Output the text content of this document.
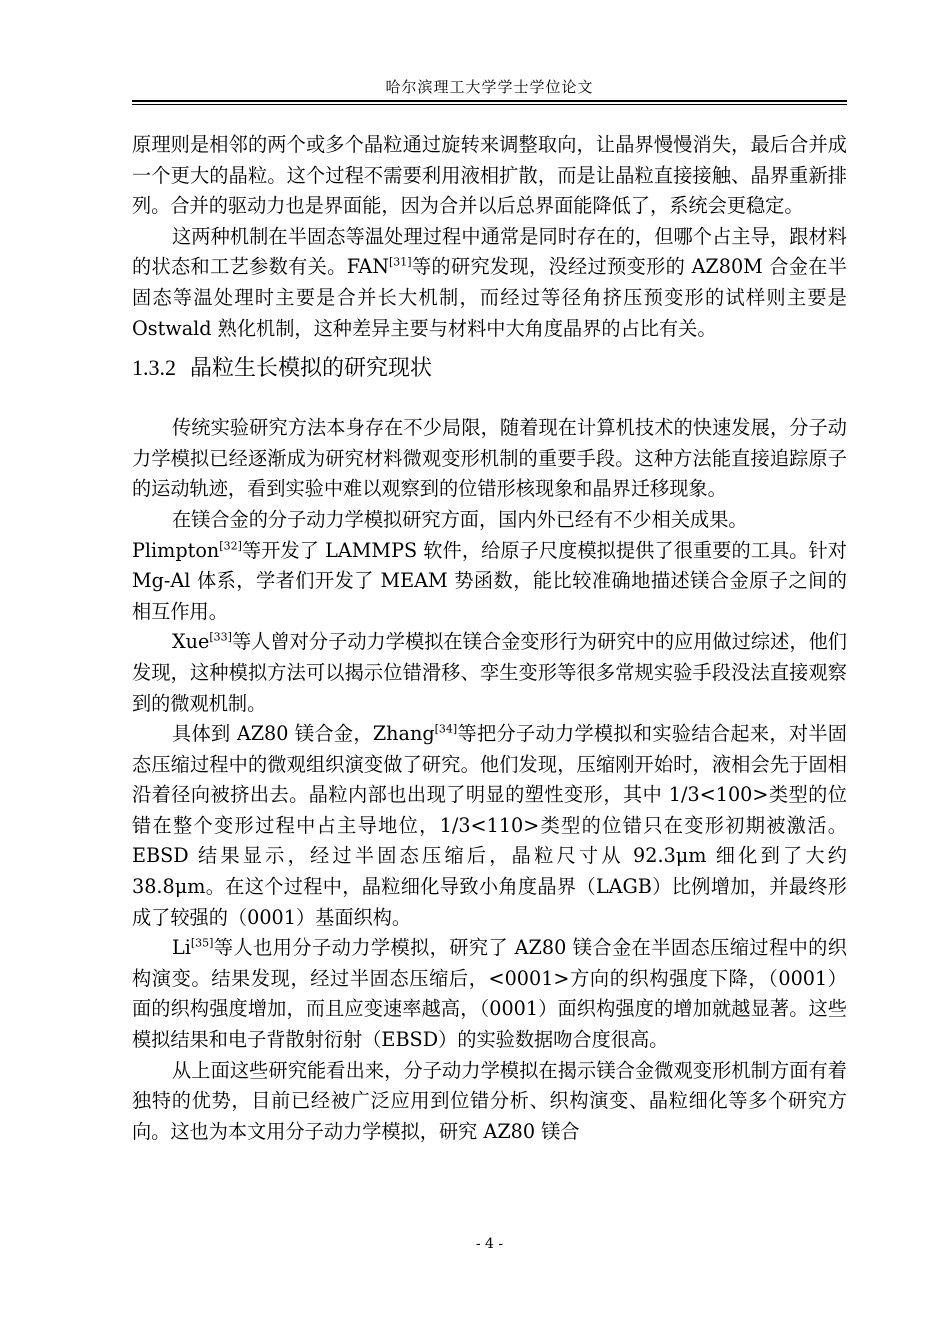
哈尔滨理工大学学士学位论文

原理则是相邻的两个或多个晶粒通过旋转来调整取向，让晶界慢慢消失，最后合并成一个更大的晶粒。这个过程不需要利用液相扩散，而是让晶粒直接接触、晶界重新排列。合并的驱动力也是界面能，因为合并以后总界面能降低了，系统会更稳定。

这两种机制在半固态等温处理过程中通常是同时存在的，但哪个占主导，跟材料的状态和工艺参数有关。FAN[31]等的研究发现，没经过预变形的 AZ80M 合金在半固态等温处理时主要是合并长大机制，而经过等径角挤压预变形的试样则主要是 Ostwald 熟化机制，这种差异主要与材料中大角度晶界的占比有关。

1.3.2 晶粒生长模拟的研究现状

传统实验研究方法本身存在不少局限，随着现在计算机技术的快速发展，分子动力学模拟已经逐渐成为研究材料微观变形机制的重要手段。这种方法能直接追踪原子的运动轨迹，看到实验中难以观察到的位错形核现象和晶界迁移现象。

在镁合金的分子动力学模拟研究方面，国内外已经有不少相关成果。

Plimpton[32]等开发了 LAMMPS 软件，给原子尺度模拟提供了很重要的工具。针对 Mg-Al 体系，学者们开发了 MEAM 势函数，能比较准确地描述镁合金原子之间的相互作用。

Xue[33]等人曾对分子动力学模拟在镁合金变形行为研究中的应用做过综述，他们发现，这种模拟方法可以揭示位错滑移、孪生变形等很多常规实验手段没法直接观察到的微观机制。

具体到 AZ80 镁合金，Zhang[34]等把分子动力学模拟和实验结合起来，对半固态压缩过程中的微观组织演变做了研究。他们发现，压缩刚开始时，液相会先于固相沿着径向被挤出去。晶粒内部也出现了明显的塑性变形，其中 1/3<100>类型的位错在整个变形过程中占主导地位，1/3<110>类型的位错只在变形初期被激活。EBSD 结果显示，经过半固态压缩后，晶粒尺寸从 92.3μm 细化到了大约 38.8μm。在这个过程中，晶粒细化导致小角度晶界（LAGB）比例增加，并最终形成了较强的（0001）基面织构。

Li[35]等人也用分子动力学模拟，研究了 AZ80 镁合金在半固态压缩过程中的织构演变。结果发现，经过半固态压缩后，<0001>方向的织构强度下降，（0001）面的织构强度增加，而且应变速率越高，（0001）面织构强度的增加就越显著。这些模拟结果和电子背散射衍射（EBSD）的实验数据吻合度很高。

从上面这些研究能看出来，分子动力学模拟在揭示镁合金微观变形机制方面有着独特的优势，目前已经被广泛应用到位错分析、织构演变、晶粒细化等多个研究方向。这也为本文用分子动力学模拟，研究 AZ80 镁合

- 4 -
